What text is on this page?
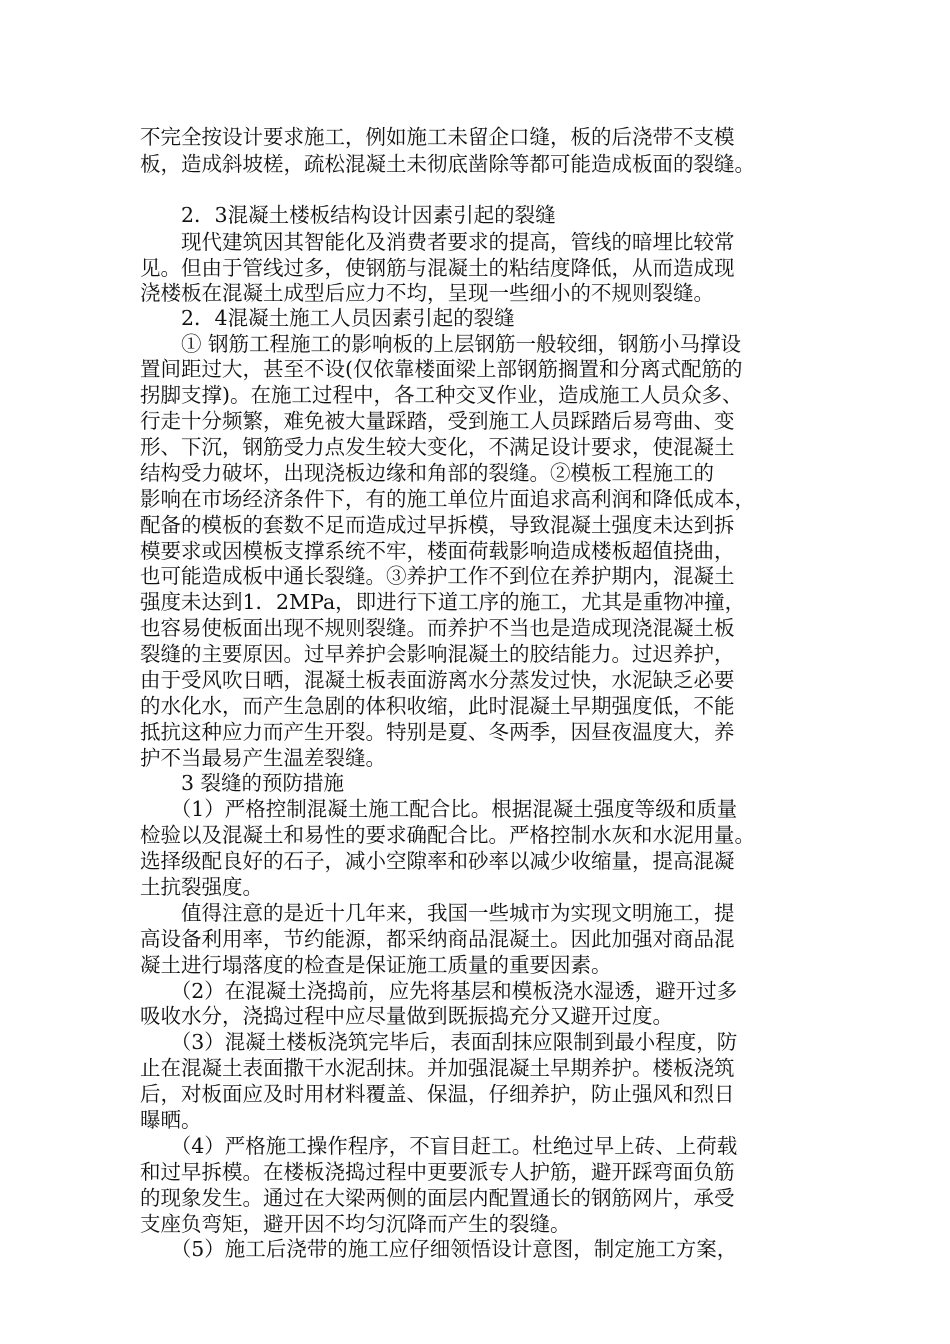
不完全按设计要求施工，例如施工未留企口缝，板的后浇带不支模
板，造成斜坡槎，疏松混凝土未彻底凿除等都可能造成板面的裂缝。
　　2．3混凝土楼板结构设计因素引起的裂缝
　　现代建筑因其智能化及消费者要求的提高，管线的暗埋比较常
见。但由于管线过多，使钢筋与混凝土的粘结度降低，从而造成现
浇楼板在混凝土成型后应力不均，呈现一些细小的不规则裂缝。
　　2．4混凝土施工人员因素引起的裂缝
　　① 钢筋工程施工的影响板的上层钢筋一般较细，钢筋小马撑设
置间距过大，甚至不设(仅依靠楼面梁上部钢筋搁置和分离式配筋的
拐脚支撑)。在施工过程中，各工种交叉作业，造成施工人员众多、
行走十分频繁，难免被大量踩踏，受到施工人员踩踏后易弯曲、变
形、下沉，钢筋受力点发生较大变化，不满足设计要求，使混凝土
结构受力破坏，出现浇板边缘和角部的裂缝。②模板工程施工的
影响在市场经济条件下，有的施工单位片面追求高利润和降低成本，
配备的模板的套数不足而造成过早拆模，导致混凝土强度未达到拆
模要求或因模板支撑系统不牢，楼面荷载影响造成楼板超值挠曲，
也可能造成板中通长裂缝。③养护工作不到位在养护期内，混凝土
强度未达到1．2MPa，即进行下道工序的施工，尤其是重物冲撞，
也容易使板面出现不规则裂缝。而养护不当也是造成现浇混凝土板
裂缝的主要原因。过早养护会影响混凝土的胶结能力。过迟养护，
由于受风吹日晒，混凝土板表面游离水分蒸发过快，水泥缺乏必要
的水化水，而产生急剧的体积收缩，此时混凝土早期强度低，不能
抵抗这种应力而产生开裂。特别是夏、冬两季，因昼夜温度大，养
护不当最易产生温差裂缝。
　　3 裂缝的预防措施
　　（1）严格控制混凝土施工配合比。根据混凝土强度等级和质量
检验以及混凝土和易性的要求确配合比。严格控制水灰和水泥用量。
选择级配良好的石子，减小空隙率和砂率以减少收缩量，提高混凝
土抗裂强度。
　　值得注意的是近十几年来，我国一些城市为实现文明施工，提
高设备利用率，节约能源，都采纳商品混凝土。因此加强对商品混
凝土进行塌落度的检查是保证施工质量的重要因素。
　　（2）在混凝土浇捣前，应先将基层和模板浇水湿透，避开过多
吸收水分，浇捣过程中应尽量做到既振捣充分又避开过度。
　　（3）混凝土楼板浇筑完毕后，表面刮抹应限制到最小程度，防
止在混凝土表面撒干水泥刮抹。并加强混凝土早期养护。楼板浇筑
后，对板面应及时用材料覆盖、保温，仔细养护，防止强风和烈日
曝晒。
　　（4）严格施工操作程序，不盲目赶工。杜绝过早上砖、上荷载
和过早拆模。在楼板浇捣过程中更要派专人护筋，避开踩弯面负筋
的现象发生。通过在大梁两侧的面层内配置通长的钢筋网片，承受
支座负弯矩，避开因不均匀沉降而产生的裂缝。
　　（5）施工后浇带的施工应仔细领悟设计意图，制定施工方案，
